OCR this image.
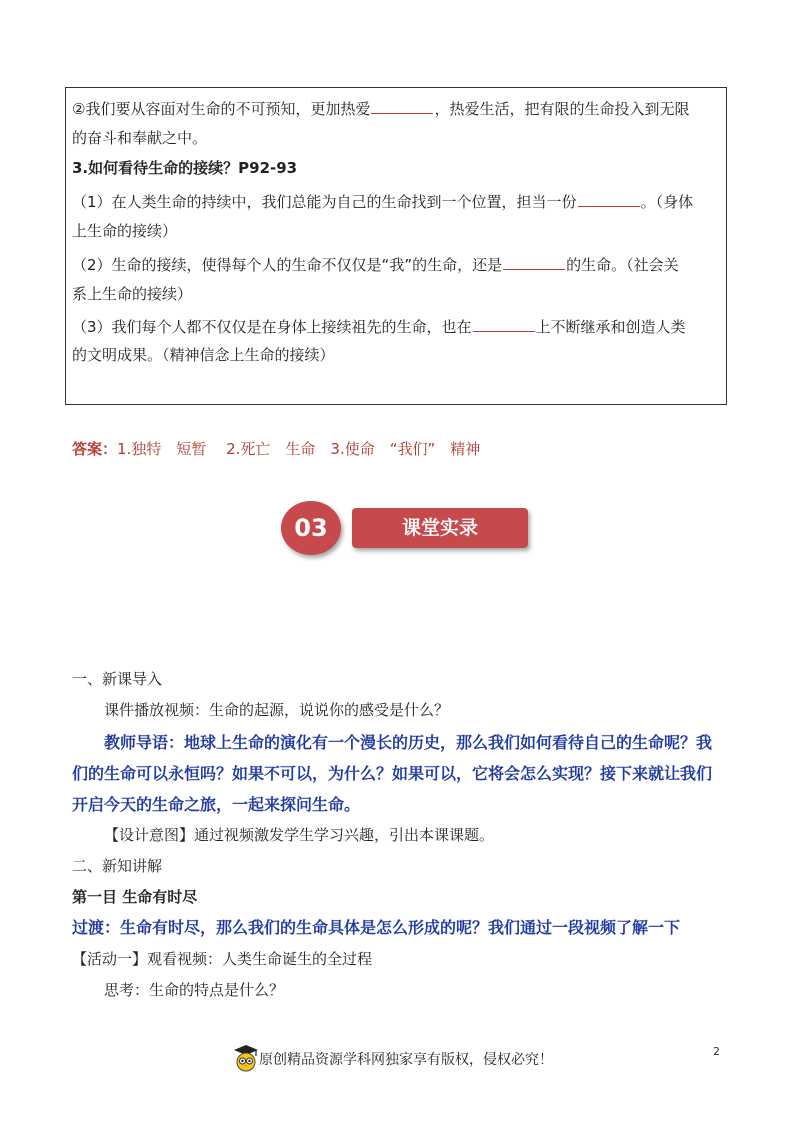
②我们要从容面对生命的不可预知，更加热爱	，热爱生活，把有限的生命投入到无限
的奋斗和奉献之中。
3.如何看待生命的接续？P92-93
（1）在人类生命的持续中，我们总能为自己的生命找到一个位置，担当一份	。（身体
上生命的接续）
（2）生命的接续，使得每个人的生命不仅仅是“我”的生命，还是	的生命。（社会关
系上生命的接续）
（3）我们每个人都不仅仅是在身体上接续祖先的生命，也在	上不断继承和创造人类
的文明成果。（精神信念上生命的接续）
答案：1.独特　短暂　 2.死亡　生命　3.使命　“我们”　精神
03	课堂实录
一、新课导入
课件播放视频：生命的起源，说说你的感受是什么？
教师导语：地球上生命的演化有一个漫长的历史，那么我们如何看待自己的生命呢？我
们的生命可以永恒吗？如果不可以，为什么？如果可以，它将会怎么实现？接下来就让我们
开启今天的生命之旅，一起来探问生命。
【设计意图】通过视频激发学生学习兴趣，引出本课课题。
二、新知讲解
第一目 生命有时尽
过渡：生命有时尽，那么我们的生命具体是怎么形成的呢？我们通过一段视频了解一下
【活动一】观看视频：人类生命诞生的全过程
思考：生命的特点是什么？
2
原创精品资源学科网独家享有版权，侵权必究！
